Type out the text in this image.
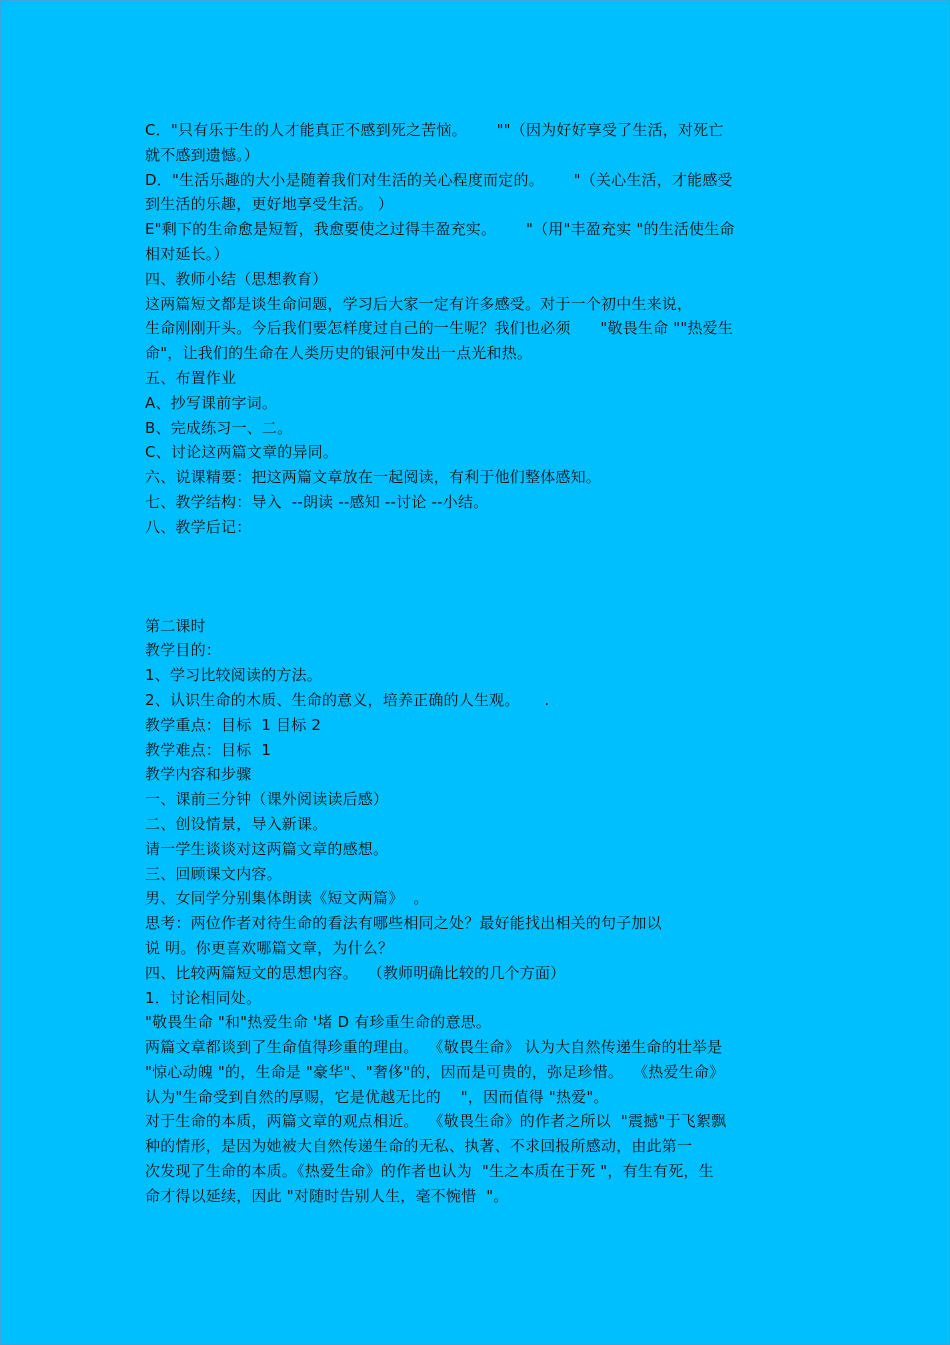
C．"只有乐于生的人才能真正不感到死之苦恼。      ""（因为好好享受了生活，对死亡
就不感到遗憾。）
D．"生活乐趣的大小是随着我们对生活的关心程度而定的。      "（关心生活，才能感受
到生活的乐趣，更好地享受生活。 ）
E"剩下的生命愈是短暂，我愈要使之过得丰盈充实。      "（用"丰盈充实 "的生活使生命
相对延长。）
四、教师小结（思想教育）
这两篇短文都是谈生命问题，学习后大家一定有许多感受。对于一个初中生来说，
生命刚刚开头。今后我们要怎样度过自己的一生呢？我们也必须      "敬畏生命 ""热爱生
命"，让我们的生命在人类历史的银河中发出一点光和热。
五、布置作业
A、抄写课前字词。
B、完成练习一、二。
C、讨论这两篇文章的异同。
六、说课精要：把这两篇文章放在一起阅读，有利于他们整体感知。
七、教学结构：导入  --朗读 --感知 --讨论 --小结。
八、教学后记：
第二课时
教学目的：
1、学习比较阅读的方法。
2、认识生命的木质、生命的意义，培养正确的人生观。     .
教学重点：目标  1 目标 2
教学难点：目标  1
教学内容和步骤
一、课前三分钟（课外阅读读后感）
二、创设情景，导入新课。
请一学生谈谈对这两篇文章的感想。
三、回顾课文内容。
男、女同学分别集体朗读《短文两篇》  。
思考：两位作者对待生命的看法有哪些相同之处？最好能找出相关的句子加以
说 明。你更喜欢哪篇文章，为什么？
四、比较两篇短文的思想内容。  （教师明确比较的几个方面）
1．讨论相同处。
"敬畏生命 "和"热爱生命 '堵 D 有珍重生命的意思。
两篇文章都谈到了生命值得珍重的理由。  《敬畏生命》 认为大自然传递生命的壮举是
"惊心动魄 "的，生命是 "豪华"、"奢侈"的，因而是可贵的，弥足珍惜。  《热爱生命》
认为"生命受到自然的厚赐，它是优越无比的    "，因而值得 "热爱"。
对于生命的本质，两篇文章的观点相近。  《敬畏生命》的作者之所以  "震撼"于飞絮飘
种的情形，是因为她被大自然传递生命的无私、执著、不求回报所感动，由此第一
次发现了生命的本质。《热爱生命》的作者也认为  "生之本质在于死 "，有生有死，生
命才得以延续，因此 "对随时告别人生，毫不惋惜  "。
